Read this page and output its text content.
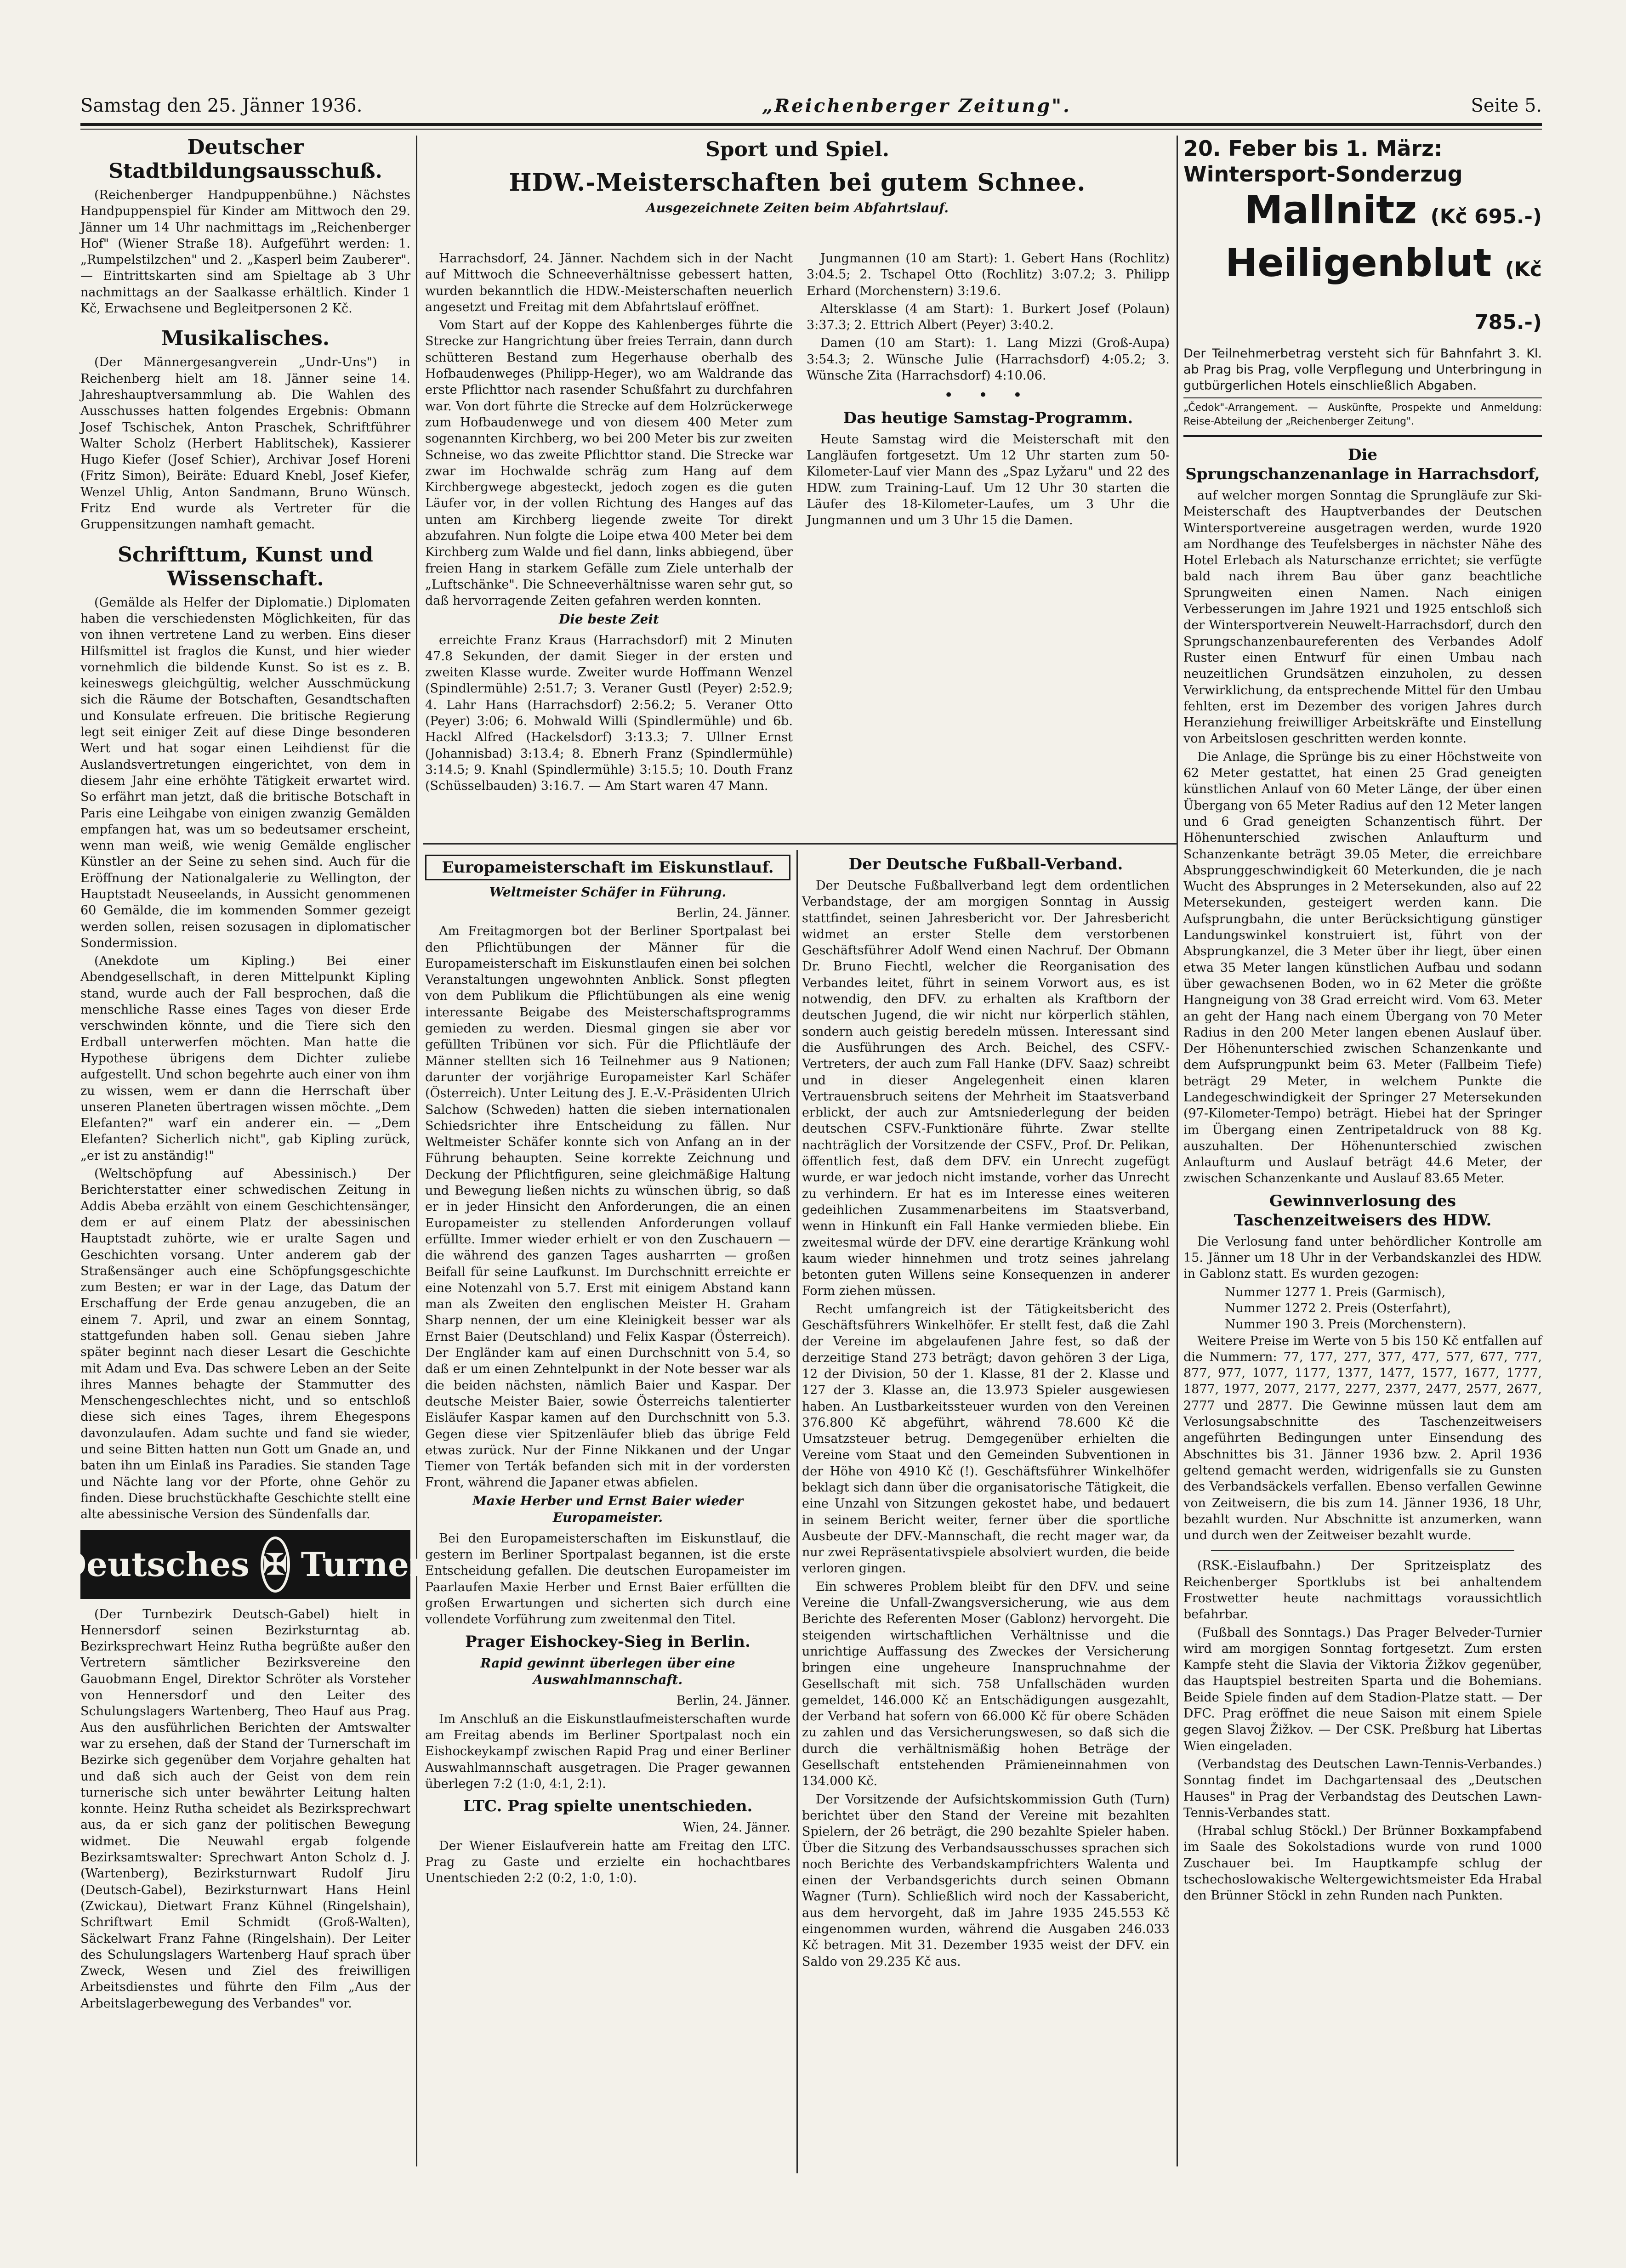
Samstag den 25. Jänner 1936.	„Reichenberger Zeitung".	Seite 5.
Deutscher Stadtbildungsausschuß.

(Reichenberger Handpuppenbühne.) Nächstes Handpuppenspiel für Kinder am Mittwoch den 29. Jänner um 14 Uhr nachmittags im „Reichenberger Hof" (Wiener Straße 18). Aufgeführt werden: 1. „Rumpelstilzchen" und 2. „Kasperl beim Zauberer". — Eintrittskarten sind am Spieltage ab 3 Uhr nachmittags an der Saalkasse erhältlich. Kinder 1 Kč, Erwachsene und Begleitpersonen 2 Kč.

Musikalisches.

(Der Männergesangverein „Undr-Uns") in Reichenberg hielt am 18. Jänner seine 14. Jahreshauptversammlung ab. Die Wahlen des Ausschusses hatten folgendes Ergebnis: Obmann Josef Tschischek, Anton Praschek, Schriftführer Walter Scholz (Herbert Hablitschek), Kassierer Hugo Kiefer (Josef Schier), Archivar Josef Horeni (Fritz Simon), Beiräte: Eduard Knebl, Josef Kiefer, Wenzel Uhlig, Anton Sandmann, Bruno Wünsch. Fritz End wurde als Vertreter für die Gruppensitzungen namhaft gemacht.

Schrifttum, Kunst und Wissenschaft.

(Gemälde als Helfer der Diplomatie.) Diplomaten haben die verschiedensten Möglichkeiten, für das von ihnen vertretene Land zu werben. Eins dieser Hilfsmittel ist fraglos die Kunst, und hier wieder vornehmlich die bildende Kunst. So ist es z. B. keineswegs gleichgültig, welcher Ausschmückung sich die Räume der Botschaften, Gesandtschaften und Konsulate erfreuen. Die britische Regierung legt seit einiger Zeit auf diese Dinge besonderen Wert und hat sogar einen Leihdienst für die Auslandsvertretungen eingerichtet, von dem in diesem Jahr eine erhöhte Tätigkeit erwartet wird. So erfährt man jetzt, daß die britische Botschaft in Paris eine Leihgabe von einigen zwanzig Gemälden empfangen hat, was um so bedeutsamer erscheint, wenn man weiß, wie wenig Gemälde englischer Künstler an der Seine zu sehen sind. Auch für die Eröffnung der Nationalgalerie zu Wellington, der Hauptstadt Neuseelands, in Aussicht genommenen 60 Gemälde, die im kommenden Sommer gezeigt werden sollen, reisen sozusagen in diplomatischer Sondermission.

(Anekdote um Kipling.) Bei einer Abendgesellschaft, in deren Mittelpunkt Kipling stand, wurde auch der Fall besprochen, daß die menschliche Rasse eines Tages von dieser Erde verschwinden könnte, und die Tiere sich den Erdball unterwerfen möchten. Man hatte die Hypothese übrigens dem Dichter zuliebe aufgestellt. Und schon begehrte auch einer von ihm zu wissen, wem er dann die Herrschaft über unseren Planeten übertragen wissen möchte. „Dem Elefanten?" warf ein anderer ein. — „Dem Elefanten? Sicherlich nicht", gab Kipling zurück, „er ist zu anständig!"

(Weltschöpfung auf Abessinisch.) Der Berichterstatter einer schwedischen Zeitung in Addis Abeba erzählt von einem Geschichtensänger, dem er auf einem Platz der abessinischen Hauptstadt zuhörte, wie er uralte Sagen und Geschichten vorsang. Unter anderem gab der Straßensänger auch eine Schöpfungsgeschichte zum Besten; er war in der Lage, das Datum der Erschaffung der Erde genau anzugeben, die an einem 7. April, und zwar an einem Sonntag, stattgefunden haben soll. Genau sieben Jahre später beginnt nach dieser Lesart die Geschichte mit Adam und Eva. Das schwere Leben an der Seite ihres Mannes behagte der Stammutter des Menschengeschlechtes nicht, und so entschloß diese sich eines Tages, ihrem Ehegespons davonzulaufen. Adam suchte und fand sie wieder, und seine Bitten hatten nun Gott um Gnade an, und baten ihn um Einlaß ins Paradies. Sie standen Tage und Nächte lang vor der Pforte, ohne Gehör zu finden. Diese bruchstückhafte Geschichte stellt eine alte abessinische Version des Sündenfalls dar.

Deutsches ✠ Turnen

(Der Turnbezirk Deutsch-Gabel) hielt in Hennersdorf seinen Bezirksturntag ab. Bezirksprechwart Heinz Rutha begrüßte außer den Vertretern sämtlicher Bezirksvereine den Gauobmann Engel, Direktor Schröter als Vorsteher von Hennersdorf und den Leiter des Schulungslagers Wartenberg, Theo Hauf aus Prag. Aus den ausführlichen Berichten der Amtswalter war zu ersehen, daß der Stand der Turnerschaft im Bezirke sich gegenüber dem Vorjahre gehalten hat und daß sich auch der Geist von dem rein turnerische sich unter bewährter Leitung halten konnte. Heinz Rutha scheidet als Bezirksprechwart aus, da er sich ganz der politischen Bewegung widmet. Die Neuwahl ergab folgende Bezirksamtswalter: Sprechwart Anton Scholz d. J. (Wartenberg), Bezirksturnwart Rudolf Jiru (Deutsch-Gabel), Bezirksturnwart Hans Heinl (Zwickau), Dietwart Franz Kühnel (Ringelshain), Schriftwart Emil Schmidt (Groß-Walten), Säckelwart Franz Fahne (Ringelshain). Der Leiter des Schulungslagers Wartenberg Hauf sprach über Zweck, Wesen und Ziel des freiwilligen Arbeitsdienstes und führte den Film „Aus der Arbeitslagerbewegung des Verbandes" vor.

Sport und Spiel.
HDW.-Meisterschaften bei gutem Schnee.
Ausgezeichnete Zeiten beim Abfahrtslauf.

Harrachsdorf, 24. Jänner. Nachdem sich in der Nacht auf Mittwoch die Schneeverhältnisse gebessert hatten, wurden bekanntlich die HDW.-Meisterschaften neuerlich angesetzt und Freitag mit dem Abfahrtslauf eröffnet.

Vom Start auf der Koppe des Kahlenberges führte die Strecke zur Hangrichtung über freies Terrain, dann durch schütteren Bestand zum Hegerhause oberhalb des Hofbaudenweges (Philipp-Heger), wo am Waldrande das erste Pflichttor nach rasender Schußfahrt zu durchfahren war. Von dort führte die Strecke auf dem Holzrückerwege zum Hofbaudenwege und von diesem 400 Meter zum sogenannten Kirchberg, wo bei 200 Meter bis zur zweiten Schneise, wo das zweite Pflichttor stand. Die Strecke war zwar im Hochwalde schräg zum Hang auf dem Kirchbergwege abgesteckt, jedoch zogen es die guten Läufer vor, in der vollen Richtung des Hanges auf das unten am Kirchberg liegende zweite Tor direkt abzufahren. Nun folgte die Loipe etwa 400 Meter bei dem Kirchberg zum Walde und fiel dann, links abbiegend, über freien Hang in starkem Gefälle zum Ziele unterhalb der „Luftschänke". Die Schneeverhältnisse waren sehr gut, so daß hervorragende Zeiten gefahren werden konnten.

Die beste Zeit

erreichte Franz Kraus (Harrachsdorf) mit 2 Minuten 47.8 Sekunden, der damit Sieger in der ersten und zweiten Klasse wurde. Zweiter wurde Hoffmann Wenzel (Spindlermühle) 2:51.7; 3. Veraner Gustl (Peyer) 2:52.9; 4. Lahr Hans (Harrachsdorf) 2:56.2; 5. Veraner Otto (Peyer) 3:06; 6. Mohwald Willi (Spindlermühle) und 6b. Hackl Alfred (Hackelsdorf) 3:13.3; 7. Ullner Ernst (Johannisbad) 3:13.4; 8. Ebnerh Franz (Spindlermühle) 3:14.5; 9. Knahl (Spindlermühle) 3:15.5; 10. Douth Franz (Schüsselbauden) 3:16.7. — Am Start waren 47 Mann.

Jungmannen (10 am Start): 1. Gebert Hans (Rochlitz) 3:04.5; 2. Tschapel Otto (Rochlitz) 3:07.2; 3. Philipp Erhard (Morchenstern) 3:19.6.

Altersklasse (4 am Start): 1. Burkert Josef (Polaun) 3:37.3; 2. Ettrich Albert (Peyer) 3:40.2.

Damen (10 am Start): 1. Lang Mizzi (Groß-Aupa) 3:54.3; 2. Wünsche Julie (Harrachsdorf) 4:05.2; 3. Wünsche Zita (Harrachsdorf) 4:10.06.

• • •
Das heutige Samstag-Programm.

Heute Samstag wird die Meisterschaft mit den Langläufen fortgesetzt. Um 12 Uhr starten zum 50-Kilometer-Lauf vier Mann des „Spaz Lyžaru" und 22 des HDW. zum Training-Lauf. Um 12 Uhr 30 starten die Läufer des 18-Kilometer-Laufes, um 3 Uhr die Jungmannen und um 3 Uhr 15 die Damen.

Europameisterschaft im Eiskunstlauf.
Weltmeister Schäfer in Führung.

Berlin, 24. Jänner.

Am Freitagmorgen bot der Berliner Sportpalast bei den Pflichtübungen der Männer für die Europameisterschaft im Eiskunstlaufen einen bei solchen Veranstaltungen ungewohnten Anblick. Sonst pflegten von dem Publikum die Pflichtübungen als eine wenig interessante Beigabe des Meisterschaftsprogramms gemieden zu werden. Diesmal gingen sie aber vor gefüllten Tribünen vor sich. Für die Pflichtläufe der Männer stellten sich 16 Teilnehmer aus 9 Nationen; darunter der vorjährige Europameister Karl Schäfer (Österreich). Unter Leitung des J. E.-V.-Präsidenten Ulrich Salchow (Schweden) hatten die sieben internationalen Schiedsrichter ihre Entscheidung zu fällen. Nur Weltmeister Schäfer konnte sich von Anfang an in der Führung behaupten. Seine korrekte Zeichnung und Deckung der Pflichtfiguren, seine gleichmäßige Haltung und Bewegung ließen nichts zu wünschen übrig, so daß er in jeder Hinsicht den Anforderungen, die an einen Europameister zu stellenden Anforderungen vollauf erfüllte. Immer wieder erhielt er von den Zuschauern — die während des ganzen Tages ausharrten — großen Beifall für seine Laufkunst. Im Durchschnitt erreichte er eine Notenzahl von 5.7. Erst mit einigem Abstand kann man als Zweiten den englischen Meister H. Graham Sharp nennen, der um eine Kleinigkeit besser war als Ernst Baier (Deutschland) und Felix Kaspar (Österreich). Der Engländer kam auf einen Durchschnitt von 5.4, so daß er um einen Zehntelpunkt in der Note besser war als die beiden nächsten, nämlich Baier und Kaspar. Der deutsche Meister Baier, sowie Österreichs talentierter Eisläufer Kaspar kamen auf den Durchschnitt von 5.3. Gegen diese vier Spitzenläufer blieb das übrige Feld etwas zurück. Nur der Finne Nikkanen und der Ungar Tiemer von Terták befanden sich mit in der vordersten Front, während die Japaner etwas abfielen.

Maxie Herber und Ernst Baier wieder Europameister.

Bei den Europameisterschaften im Eiskunstlauf, die gestern im Berliner Sportpalast begannen, ist die erste Entscheidung gefallen. Die deutschen Europameister im Paarlaufen Maxie Herber und Ernst Baier erfüllten die großen Erwartungen und sicherten sich durch eine vollendete Vorführung zum zweitenmal den Titel.

Prager Eishockey-Sieg in Berlin.
Rapid gewinnt überlegen über eine Auswahlmannschaft.

Berlin, 24. Jänner.

Im Anschluß an die Eiskunstlaufmeisterschaften wurde am Freitag abends im Berliner Sportpalast noch ein Eishockeykampf zwischen Rapid Prag und einer Berliner Auswahlmannschaft ausgetragen. Die Prager gewannen überlegen 7:2 (1:0, 4:1, 2:1).

LTC. Prag spielte unentschieden.

Wien, 24. Jänner.

Der Wiener Eislaufverein hatte am Freitag den LTC. Prag zu Gaste und erzielte ein hochachtbares Unentschieden 2:2 (0:2, 1:0, 1:0).

Der Deutsche Fußball-Verband.

Der Deutsche Fußballverband legt dem ordentlichen Verbandstage, der am morgigen Sonntag in Aussig stattfindet, seinen Jahresbericht vor. Der Jahresbericht widmet an erster Stelle dem verstorbenen Geschäftsführer Adolf Wend einen Nachruf. Der Obmann Dr. Bruno Fiechtl, welcher die Reorganisation des Verbandes leitet, führt in seinem Vorwort aus, es ist notwendig, den DFV. zu erhalten als Kraftborn der deutschen Jugend, die wir nicht nur körperlich stählen, sondern auch geistig beredeln müssen. Interessant sind die Ausführungen des Arch. Beichel, des CSFV.-Vertreters, der auch zum Fall Hanke (DFV. Saaz) schreibt und in dieser Angelegenheit einen klaren Vertrauensbruch seitens der Mehrheit im Staatsverband erblickt, der auch zur Amtsniederlegung der beiden deutschen CSFV.-Funktionäre führte. Zwar stellte nachträglich der Vorsitzende der CSFV., Prof. Dr. Pelikan, öffentlich fest, daß dem DFV. ein Unrecht zugefügt wurde, er war jedoch nicht imstande, vorher das Unrecht zu verhindern. Er hat es im Interesse eines weiteren gedeihlichen Zusammenarbeitens im Staatsverband, wenn in Hinkunft ein Fall Hanke vermieden bliebe. Ein zweitesmal würde der DFV. eine derartige Kränkung wohl kaum wieder hinnehmen und trotz seines jahrelang betonten guten Willens seine Konsequenzen in anderer Form ziehen müssen.

Recht umfangreich ist der Tätigkeitsbericht des Geschäftsführers Winkelhöfer. Er stellt fest, daß die Zahl der Vereine im abgelaufenen Jahre fest, so daß der derzeitige Stand 273 beträgt; davon gehören 3 der Liga, 12 der Division, 50 der 1. Klasse, 81 der 2. Klasse und 127 der 3. Klasse an, die 13.973 Spieler ausgewiesen haben. An Lustbarkeitssteuer wurden von den Vereinen 376.800 Kč abgeführt, während 78.600 Kč die Umsatzsteuer betrug. Demgegenüber erhielten die Vereine vom Staat und den Gemeinden Subventionen in der Höhe von 4910 Kč (!). Geschäftsführer Winkelhöfer beklagt sich dann über die organisatorische Tätigkeit, die eine Unzahl von Sitzungen gekostet habe, und bedauert in seinem Bericht weiter, ferner über die sportliche Ausbeute der DFV.-Mannschaft, die recht mager war, da nur zwei Repräsentativspiele absolviert wurden, die beide verloren gingen.

Ein schweres Problem bleibt für den DFV. und seine Vereine die Unfall-Zwangsversicherung, wie aus dem Berichte des Referenten Moser (Gablonz) hervorgeht. Die steigenden wirtschaftlichen Verhältnisse und die unrichtige Auffassung des Zweckes der Versicherung bringen eine ungeheure Inanspruchnahme der Gesellschaft mit sich. 758 Unfallschäden wurden gemeldet, 146.000 Kč an Entschädigungen ausgezahlt, der Verband hat sofern von 66.000 Kč für obere Schäden zu zahlen und das Versicherungswesen, so daß sich die durch die verhältnismäßig hohen Beträge der Gesellschaft entstehenden Prämieneinnahmen von 134.000 Kč.

Der Vorsitzende der Aufsichtskommission Guth (Turn) berichtet über den Stand der Vereine mit bezahlten Spielern, der 26 beträgt, die 290 bezahlte Spieler haben. Über die Sitzung des Verbandsausschusses sprachen sich noch Berichte des Verbandskampfrichters Walenta und einen der Verbandsgerichts durch seinen Obmann Wagner (Turn). Schließlich wird noch der Kassabericht, aus dem hervorgeht, daß im Jahre 1935 245.553 Kč eingenommen wurden, während die Ausgaben 246.033 Kč betragen. Mit 31. Dezember 1935 weist der DFV. ein Saldo von 29.235 Kč aus.

20. Feber bis 1. März:
Wintersport-Sonderzug
Mallnitz (Kč 695.-)
Heiligenblut (Kč 785.-)
Der Teilnehmerbetrag versteht sich für Bahnfahrt 3. Kl. ab Prag bis Prag, volle Verpflegung und Unterbringung in gutbürgerlichen Hotels einschließlich Abgaben.
„Čedok"-Arrangement. — Auskünfte, Prospekte und Anmeldung: Reise-Abteilung der „Reichenberger Zeitung".
Die
Sprungschanzenanlage in Harrachsdorf,

auf welcher morgen Sonntag die Sprungläufe zur Ski-Meisterschaft des Hauptverbandes der Deutschen Wintersportvereine ausgetragen werden, wurde 1920 am Nordhange des Teufelsberges in nächster Nähe des Hotel Erlebach als Naturschanze errichtet; sie verfügte bald nach ihrem Bau über ganz beachtliche Sprungweiten einen Namen. Nach einigen Verbesserungen im Jahre 1921 und 1925 entschloß sich der Wintersportverein Neuwelt-Harrachsdorf, durch den Sprungschanzenbaureferenten des Verbandes Adolf Ruster einen Entwurf für einen Umbau nach neuzeitlichen Grundsätzen einzuholen, zu dessen Verwirklichung, da entsprechende Mittel für den Umbau fehlten, erst im Dezember des vorigen Jahres durch Heranziehung freiwilliger Arbeitskräfte und Einstellung von Arbeitslosen geschritten werden konnte.

Die Anlage, die Sprünge bis zu einer Höchstweite von 62 Meter gestattet, hat einen 25 Grad geneigten künstlichen Anlauf von 60 Meter Länge, der über einen Übergang von 65 Meter Radius auf den 12 Meter langen und 6 Grad geneigten Schanzentisch führt. Der Höhenunterschied zwischen Anlaufturm und Schanzenkante beträgt 39.05 Meter, die erreichbare Absprunggeschwindigkeit 60 Meterkunden, die je nach Wucht des Absprunges in 2 Metersekunden, also auf 22 Metersekunden, gesteigert werden kann. Die Aufsprungbahn, die unter Berücksichtigung günstiger Landungswinkel konstruiert ist, führt von der Absprungkanzel, die 3 Meter über ihr liegt, über einen etwa 35 Meter langen künstlichen Aufbau und sodann über gewachsenen Boden, wo in 62 Meter die größte Hangneigung von 38 Grad erreicht wird. Vom 63. Meter an geht der Hang nach einem Übergang von 70 Meter Radius in den 200 Meter langen ebenen Auslauf über. Der Höhenunterschied zwischen Schanzenkante und dem Aufsprungpunkt beim 63. Meter (Fallbeim Tiefe) beträgt 29 Meter, in welchem Punkte die Landegeschwindigkeit der Springer 27 Metersekunden (97-Kilometer-Tempo) beträgt. Hiebei hat der Springer im Übergang einen Zentripetaldruck von 88 Kg. auszuhalten. Der Höhenunterschied zwischen Anlaufturm und Auslauf beträgt 44.6 Meter, der zwischen Schanzenkante und Auslauf 83.65 Meter.

Gewinnverlosung des Taschenzeitweisers des HDW.

Die Verlosung fand unter behördlicher Kontrolle am 15. Jänner um 18 Uhr in der Verbandskanzlei des HDW. in Gablonz statt. Es wurden gezogen:

Nummer 1277 1. Preis (Garmisch),

Nummer 1272 2. Preis (Osterfahrt),

Nummer 190 3. Preis (Morchenstern).

Weitere Preise im Werte von 5 bis 150 Kč entfallen auf die Nummern: 77, 177, 277, 377, 477, 577, 677, 777, 877, 977, 1077, 1177, 1377, 1477, 1577, 1677, 1777, 1877, 1977, 2077, 2177, 2277, 2377, 2477, 2577, 2677, 2777 und 2877. Die Gewinne müssen laut dem am Verlosungsabschnitte des Taschenzeitweisers angeführten Bedingungen unter Einsendung des Abschnittes bis 31. Jänner 1936 bzw. 2. April 1936 geltend gemacht werden, widrigenfalls sie zu Gunsten des Verbandsäckels verfallen. Ebenso verfallen Gewinne von Zeitweisern, die bis zum 14. Jänner 1936, 18 Uhr, bezahlt wurden. Nur Abschnitte ist anzumerken, wann und durch wen der Zeitweiser bezahlt wurde.

(RSK.-Eislaufbahn.) Der Spritzeisplatz des Reichenberger Sportklubs ist bei anhaltendem Frostwetter heute nachmittags voraussichtlich befahrbar.

(Fußball des Sonntags.) Das Prager Belveder-Turnier wird am morgigen Sonntag fortgesetzt. Zum ersten Kampfe steht die Slavia der Viktoria Žižkov gegenüber, das Hauptspiel bestreiten Sparta und die Bohemians. Beide Spiele finden auf dem Stadion-Platze statt. — Der DFC. Prag eröffnet die neue Saison mit einem Spiele gegen Slavoj Žižkov. — Der CSK. Preßburg hat Libertas Wien eingeladen.

(Verbandstag des Deutschen Lawn-Tennis-Verbandes.) Sonntag findet im Dachgartensaal des „Deutschen Hauses" in Prag der Verbandstag des Deutschen Lawn-Tennis-Verbandes statt.

(Hrabal schlug Stöckl.) Der Brünner Boxkampfabend im Saale des Sokolstadions wurde von rund 1000 Zuschauer bei. Im Hauptkampfe schlug der tschechoslowakische Weltergewichtsmeister Eda Hrabal den Brünner Stöckl in zehn Runden nach Punkten.
